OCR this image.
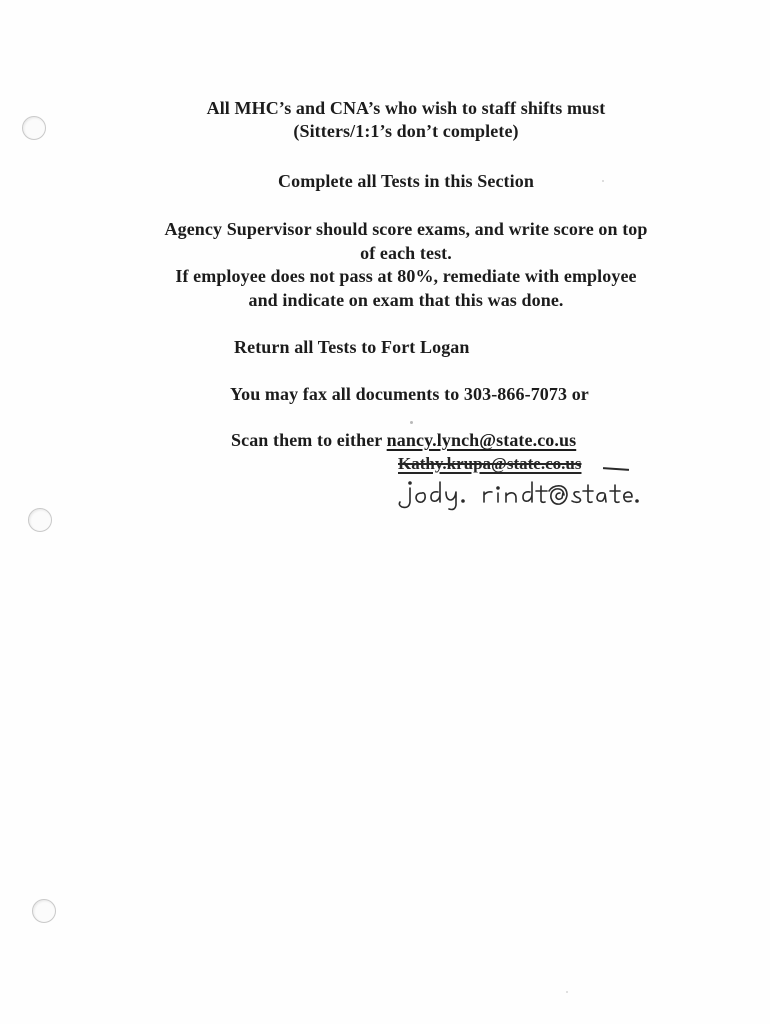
All MHC’s and CNA’s who wish to staff shifts must
(Sitters/1:1’s don’t complete)
Complete all Tests in this Section
Agency Supervisor should score exams, and write score on top
of each test.
If employee does not pass at 80%, remediate with employee
and indicate on exam that this was done.
Return all Tests to Fort Logan
You may fax all documents to 303-866-7073 or
Scan them to either nancy.lynch@state.co.us
Kathy.krupa@state.co.us
